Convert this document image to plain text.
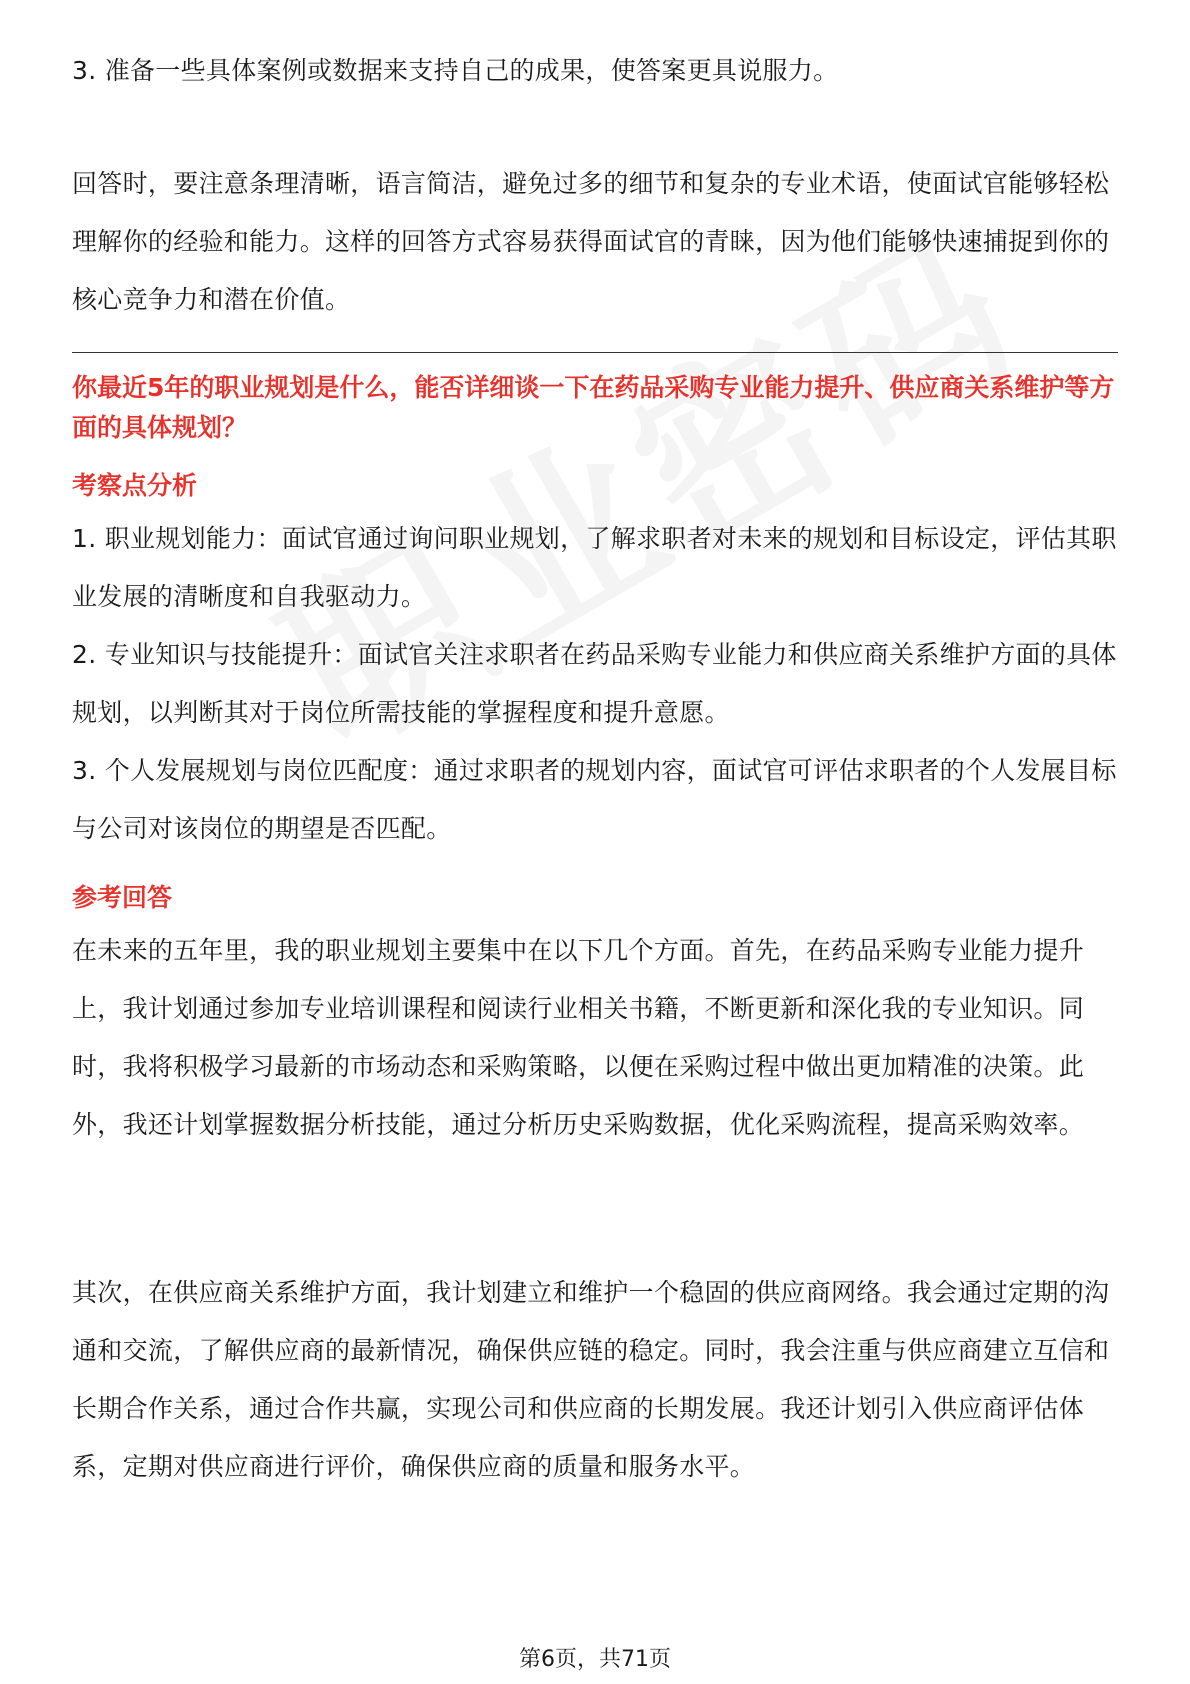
3. 准备一些具体案例或数据来支持自己的成果，使答案更具说服力。

回答时，要注意条理清晰，语言简洁，避免过多的细节和复杂的专业术语，使面试官能够轻松理解你的经验和能力。这样的回答方式容易获得面试官的青睐，因为他们能够快速捕捉到你的核心竞争力和潜在价值。

你最近5年的职业规划是什么，能否详细谈一下在药品采购专业能力提升、供应商关系维护等方面的具体规划？

考察点分析

1. 职业规划能力：面试官通过询问职业规划，了解求职者对未来的规划和目标设定，评估其职业发展的清晰度和自我驱动力。

2. 专业知识与技能提升：面试官关注求职者在药品采购专业能力和供应商关系维护方面的具体规划，以判断其对于岗位所需技能的掌握程度和提升意愿。

3. 个人发展规划与岗位匹配度：通过求职者的规划内容，面试官可评估求职者的个人发展目标与公司对该岗位的期望是否匹配。

参考回答

在未来的五年里，我的职业规划主要集中在以下几个方面。首先，在药品采购专业能力提升上，我计划通过参加专业培训课程和阅读行业相关书籍，不断更新和深化我的专业知识。同时，我将积极学习最新的市场动态和采购策略，以便在采购过程中做出更加精准的决策。此外，我还计划掌握数据分析技能，通过分析历史采购数据，优化采购流程，提高采购效率。

其次，在供应商关系维护方面，我计划建立和维护一个稳固的供应商网络。我会通过定期的沟通和交流，了解供应商的最新情况，确保供应链的稳定。同时，我会注重与供应商建立互信和长期合作关系，通过合作共赢，实现公司和供应商的长期发展。我还计划引入供应商评估体系，定期对供应商进行评价，确保供应商的质量和服务水平。

第6页，共71页
